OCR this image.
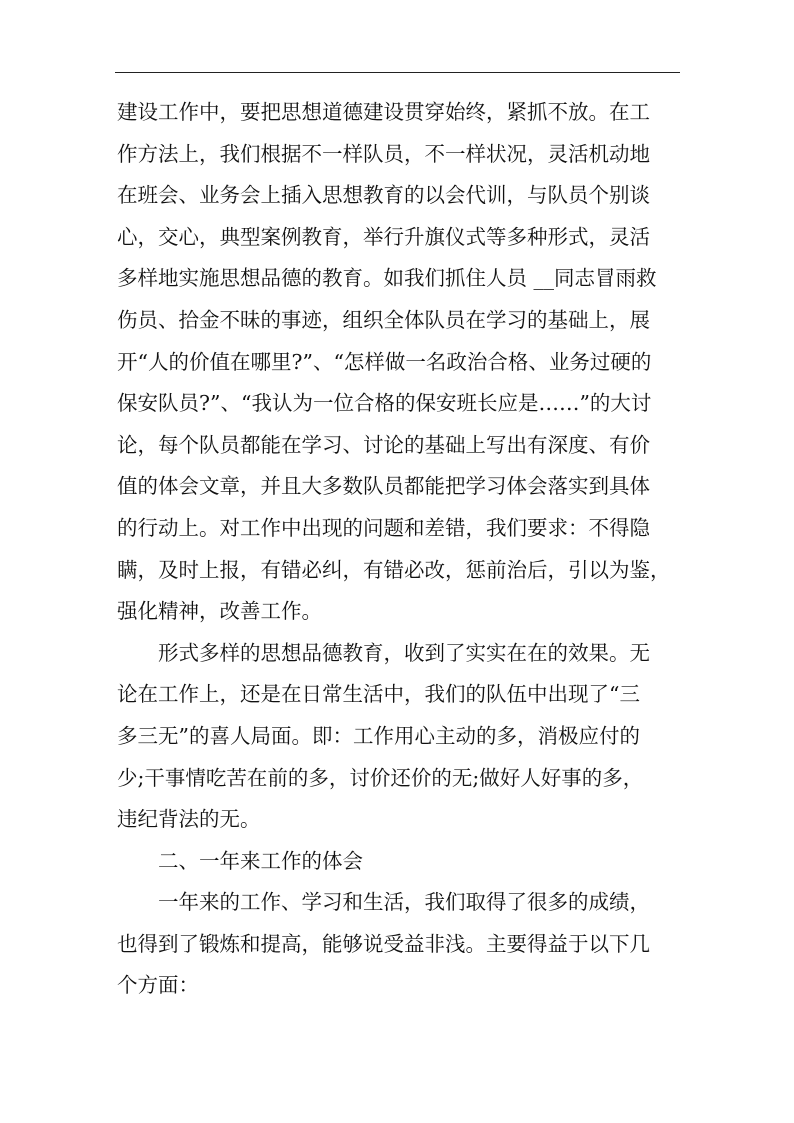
建设工作中，要把思想道德建设贯穿始终，紧抓不放。在工
作方法上，我们根据不一样队员，不一样状况，灵活机动地
在班会、业务会上插入思想教育的以会代训，与队员个别谈
心，交心，典型案例教育，举行升旗仪式等多种形式，灵活
多样地实施思想品德的教育。如我们抓住人员 __同志冒雨救
伤员、拾金不昧的事迹，组织全体队员在学习的基础上，展
开“人的价值在哪里?”、“怎样做一名政治合格、业务过硬的
保安队员?”、“我认为一位合格的保安班长应是……”的大讨
论，每个队员都能在学习、讨论的基础上写出有深度、有价
值的体会文章，并且大多数队员都能把学习体会落实到具体
的行动上。对工作中出现的问题和差错，我们要求：不得隐
瞒，及时上报，有错必纠，有错必改，惩前治后，引以为鉴，
强化精神，改善工作。
形式多样的思想品德教育，收到了实实在在的效果。无
论在工作上，还是在日常生活中，我们的队伍中出现了“三
多三无”的喜人局面。即：工作用心主动的多，消极应付的
少;干事情吃苦在前的多，讨价还价的无;做好人好事的多，
违纪背法的无。
二、一年来工作的体会
一年来的工作、学习和生活，我们取得了很多的成绩，
也得到了锻炼和提高，能够说受益非浅。主要得益于以下几
个方面：
